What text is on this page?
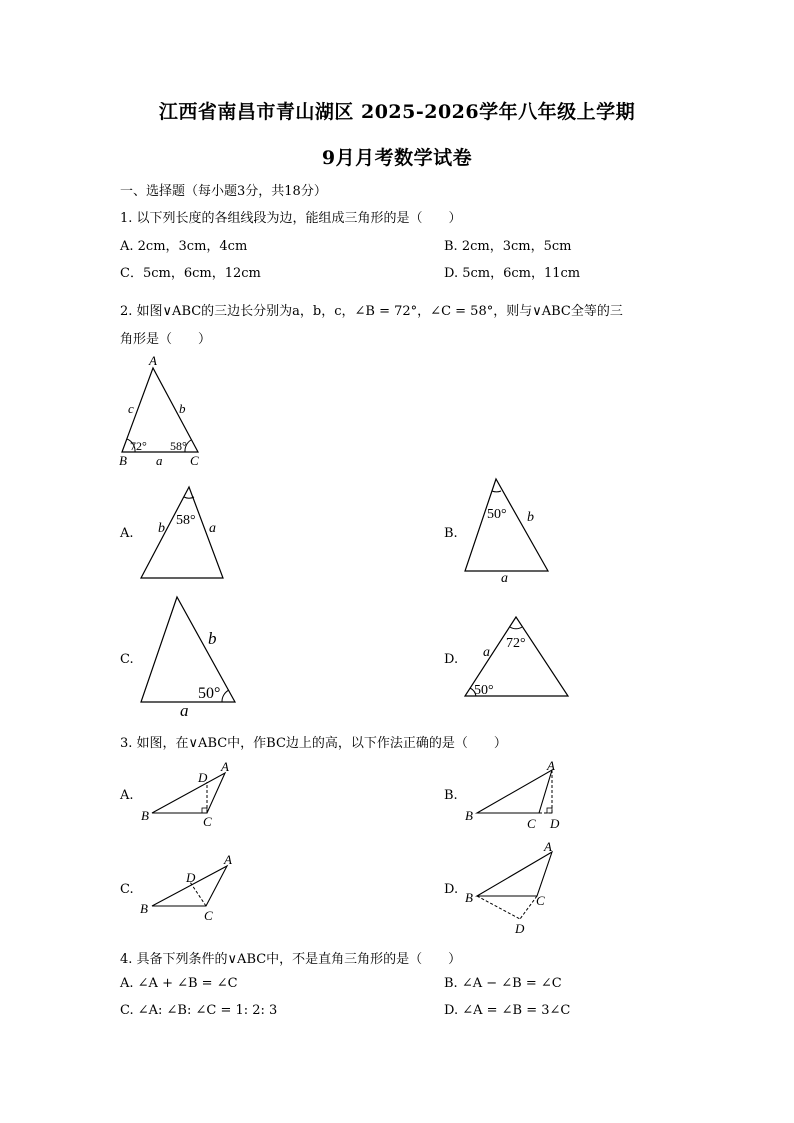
江西省南昌市青山湖区 2025-2026学年八年级上学期
9月月考数学试卷
一、选择题（每小题3分，共18分）
1. 以下列长度的各组线段为边，能组成三角形的是（　　）
A. 2cm，3cm，4cm	B. 2cm，3cm，5cm
C．5cm，6cm，12cm	D. 5cm，6cm，11cm
2. 如图∨ABC的三边长分别为a，b，c，∠B = 72°，∠C = 58°，则与∨ABC全等的三
角形是（　　）
A
B	C
c	b
a
72° 58°
58°
b	a
50° b
a
50°
b
a
72°
50°
a
A.	B.
C.	D.
3. 如图，在∨ABC中，作BC边上的高，以下作法正确的是（　　）
A
B	C
D
A
B
C D
A
B	C
D
A
B	C
D
A.	B.
C.	D.
4. 具备下列条件的∨ABC中，不是直角三角形的是（　　）
A. ∠A + ∠B = ∠C	B. ∠A − ∠B = ∠C
C. ∠A: ∠B: ∠C = 1: 2: 3	D. ∠A = ∠B = 3∠C
